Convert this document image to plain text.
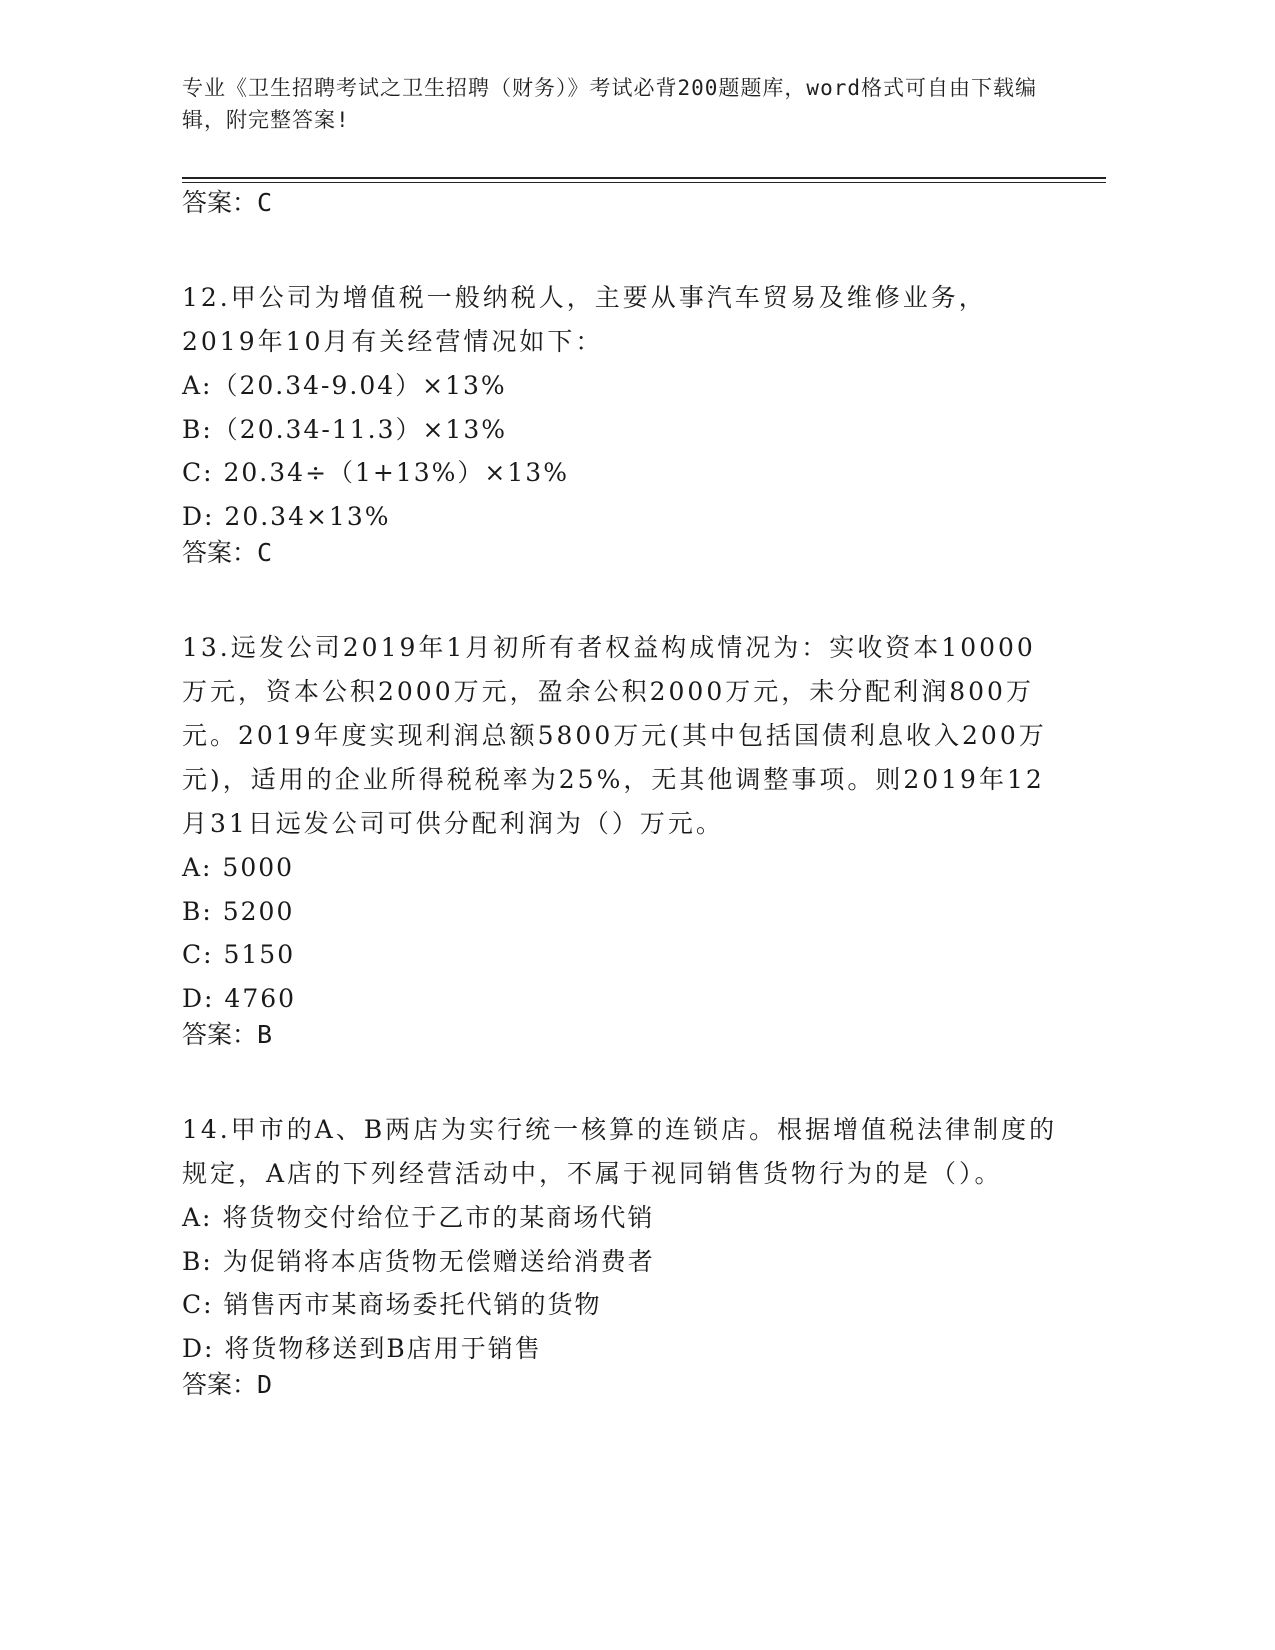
专业《卫生招聘考试之卫生招聘（财务）》考试必背200题题库，word格式可自由下载编辑，附完整答案!

答案：C

12.甲公司为增值税一般纳税人，主要从事汽车贸易及维修业务，2019年10月有关经营情况如下：

A:（20.34-9.04）×13%

B:（20.34-11.3）×13%

C: 20.34÷（1+13%）×13%

D: 20.34×13%

答案：C

13.远发公司2019年1月初所有者权益构成情况为：实收资本10000万元，资本公积2000万元，盈余公积2000万元，未分配利润800万元。2019年度实现利润总额5800万元(其中包括国债利息收入200万元)，适用的企业所得税税率为25%，无其他调整事项。则2019年12月31日远发公司可供分配利润为（）万元。

A: 5000

B: 5200

C: 5150

D: 4760

答案：B

14.甲市的A、B两店为实行统一核算的连锁店。根据增值税法律制度的规定，A店的下列经营活动中，不属于视同销售货物行为的是（）。

A: 将货物交付给位于乙市的某商场代销

B: 为促销将本店货物无偿赠送给消费者

C: 销售丙市某商场委托代销的货物

D: 将货物移送到B店用于销售

答案：D
